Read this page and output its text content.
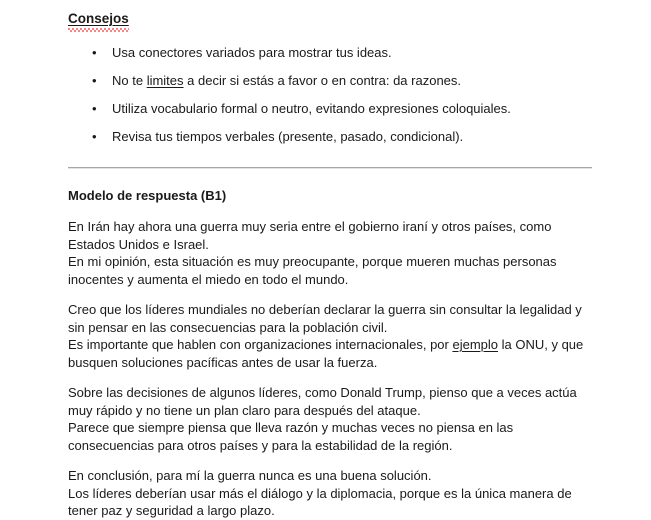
Consejos
• Usa conectores variados para mostrar tus ideas.
• No te limites a decir si estás a favor o en contra: da razones.
• Utiliza vocabulario formal o neutro, evitando expresiones coloquiales.
• Revisa tus tiempos verbales (presente, pasado, condicional).
Modelo de respuesta (B1)

En Irán hay ahora una guerra muy seria entre el gobierno iraní y otros países, como Estados Unidos e Israel.
En mi opinión, esta situación es muy preocupante, porque mueren muchas personas inocentes y aumenta el miedo en todo el mundo.

Creo que los líderes mundiales no deberían declarar la guerra sin consultar la legalidad y sin pensar en las consecuencias para la población civil.
Es importante que hablen con organizaciones internacionales, por ejemplo la ONU, y que busquen soluciones pacíficas antes de usar la fuerza.

Sobre las decisiones de algunos líderes, como Donald Trump, pienso que a veces actúa muy rápido y no tiene un plan claro para después del ataque.
Parece que siempre piensa que lleva razón y muchas veces no piensa en las consecuencias para otros países y para la estabilidad de la región.

En conclusión, para mí la guerra nunca es una buena solución.
Los líderes deberían usar más el diálogo y la diplomacia, porque es la única manera de tener paz y seguridad a largo plazo.
